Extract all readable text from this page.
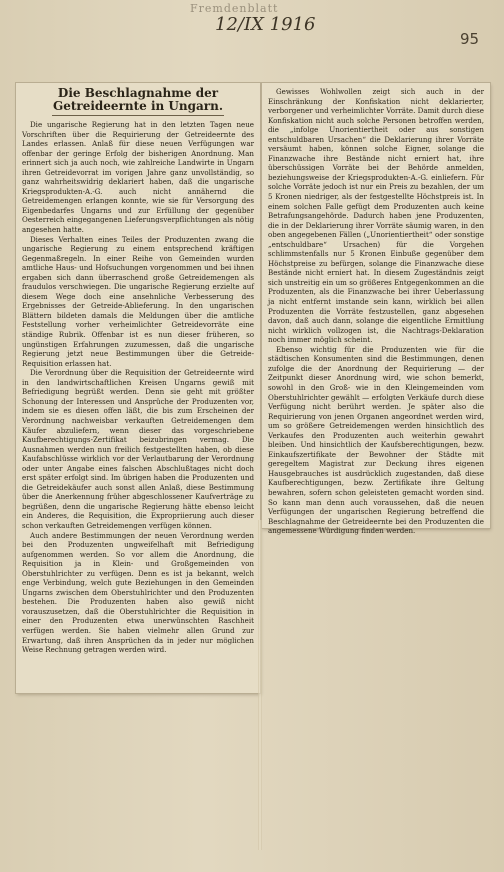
Fremdenblatt
12/IX 1916
95

Die Beschlagnahme der Getreideernte in Ungarn.

Die ungarische Regierung hat in den letzten Tagen neue Vorschriften über die Requirierung der Getreideernte des Landes erlassen. Anlaß für diese neuen Verfügungen war offenbar der geringe Erfolg der bisherigen Anordnung. Man erinnert sich ja auch noch, wie zahlreiche Landwirte in Ungarn ihren Getreidevorrat im vorigen Jahre ganz unvollständig, so ganz wahrheitswidrig deklariert haben, daß die ungarische Kriegsprodukten-A.-G. auch nicht annähernd die Getreidemengen erlangen konnte, wie sie für Versorgung des Eigenbedarfes Ungarns und zur Erfüllung der gegenüber Oesterreich eingegangenen Lieferungsverpflichtungen als nötig angesehen hatte.

Dieses Verhalten eines Teiles der Produzenten zwang die ungarische Regierung zu einem entsprechend kräftigen Gegenmaßregeln. In einer Reihe von Gemeinden wurden amtliche Haus- und Hofsuchungen vorgenommen und bei ihnen ergaben sich dann überraschend große Getreidemengen als fraudulos verschwiegen. Die ungarische Regierung erzielte auf diesem Wege doch eine ansehnliche Verbesserung des Ergebnisses der Getreide-Ablieferung. In den ungarischen Blättern bildeten damals die Meldungen über die amtliche Feststellung vorher verheimlichter Getreidevorräte eine ständige Rubrik. Offenbar ist es nun dieser früheren, so ungünstigen Erfahrungen zuzumessen, daß die ungarische Regierung jetzt neue Bestimmungen über die Getreide-Requisition erlassen hat.

Die Verordnung über die Requisition der Getreideernte wird in den landwirtschaftlichen Kreisen Ungarns gewiß mit Befriedigung begrüßt werden. Denn sie geht mit größter Schonung der Interessen und Ansprüche der Produzenten vor, indem sie es diesen offen läßt, die bis zum Erscheinen der Verordnung nachweisbar verkauften Getreidemengen dem Käufer abzuliefern, wenn dieser das vorgeschriebene Kaufberechtigungs-Zertifikat beizubringen vermag. Die Ausnahmen werden nun freilich festgestellten haben, ob diese Kaufabschlüsse wirklich vor der Verlautbarung der Verordnung oder unter Angabe eines falschen Abschlußtages nicht doch erst später erfolgt sind. Im übrigen haben die Produzenten und die Getreidekäufer auch sonst allen Anlaß, diese Bestimmung über die Anerkennung früher abgeschlossener Kaufverträge zu begrüßen, denn die ungarische Regierung hätte ebenso leicht ein Anderes, die Requisition, die Expropriierung auch dieser schon verkauften Getreidemengen verfügen können.

Auch andere Bestimmungen der neuen Verordnung werden bei den Produzenten ungweifelhaft mit Befriedigung aufgenommen werden. So vor allem die Anordnung, die Requisition ja in Klein- und Großgemeinden von Oberstuhlrichter zu verfügen. Denn es ist ja bekannt, welch enge Verbindung, welch gute Beziehungen in den Gemeinden Ungarns zwischen dem Oberstuhlrichter und den Produzenten bestehen. Die Produzenten haben also gewiß nicht vorauszusetzen, daß die Oberstuhlrichter die Requisition in einer den Produzenten etwa unerwünschten Raschheit verfügen werden. Sie haben vielmehr allen Grund zur Erwartung, daß ihren Ansprüchen da in jeder nur möglichen Weise Rechnung getragen werden wird.

Gewisses Wohlwollen zeigt sich auch in der Einschränkung der Konfiskation nicht deklarierter, verborgener und verheimlichter Vorräte. Damit durch diese Konfiskation nicht auch solche Personen betroffen werden, die „infolge Unorientiertheit oder aus sonstigen entschuldbaren Ursachen“ die Deklarierung ihrer Vorräte versäumt haben, können solche Eigner, solange die Finanzwache ihre Bestände nicht erniert hat, ihre überschüssigen Vorräte bei der Behörde anmelden, beziehungsweise der Kriegsprodukten-A.-G. einliefern. Für solche Vorräte jedoch ist nur ein Preis zu bezahlen, der um 5 Kronen niedriger, als der festgestellte Höchstpreis ist. In einem solchen Falle gefügt dem Produzenten auch keine Betrafungsangehörde. Dadurch haben jene Produzenten, die in der Deklarierung ihrer Vorräte säumig waren, in den oben angegebenen Fällen („Unorientiertheit“ oder sonstige „entschuldbare“ Ursachen) für die Vorgehen schlimmstenfalls nur 5 Kronen Einbuße gegenüber dem Höchstpreise zu befürgen, solange die Finanzwache diese Bestände nicht erniert hat. In diesem Zugeständnis zeigt sich unstreitig ein um so größeres Entgegenkommen an die Produzenten, als die Finanzwache bei ihrer Ueberlassung ja nicht entfernt imstande sein kann, wirklich bei allen Produzenten die Vorräte festzustellen, ganz abgesehen davon, daß auch dann, solange die eigentliche Ermittlung nicht wirklich vollzogen ist, die Nachtrags-Deklaration noch immer möglich scheint.

Ebenso wichtig für die Produzenten wie für die städtischen Konsumenten sind die Bestimmungen, denen zufolge die der Anordnung der Requirierung — der Zeitpunkt dieser Anordnung wird, wie schon bemerkt, sowohl in den Groß- wie in den Kleingemeinden vom Oberstuhlrichter gewählt — erfolgten Verkäufe durch diese Verfügung nicht berührt werden. Je später also die Requirierung von jenen Organen angeordnet werden wird, um so größere Getreidemengen werden hinsichtlich des Verkaufes den Produzenten auch weiterhin gewahrt bleiben. Und hinsichtlich der Kaufsberechtigungen, bezw. Einkaufszertifikate der Bewohner der Städte mit geregeltem Magistrat zur Deckung ihres eigenen Hausgebrauches ist ausdrücklich zugestanden, daß diese Kaufberechtigungen, bezw. Zertifikate ihre Geltung bewahren, sofern schon geleisteten gemacht worden sind. So kann man denn auch voraussehen, daß die neuen Verfügungen der ungarischen Regierung betreffend die Beschlagnahme der Getreideernte bei den Produzenten die angemessene Würdigung finden werden.
